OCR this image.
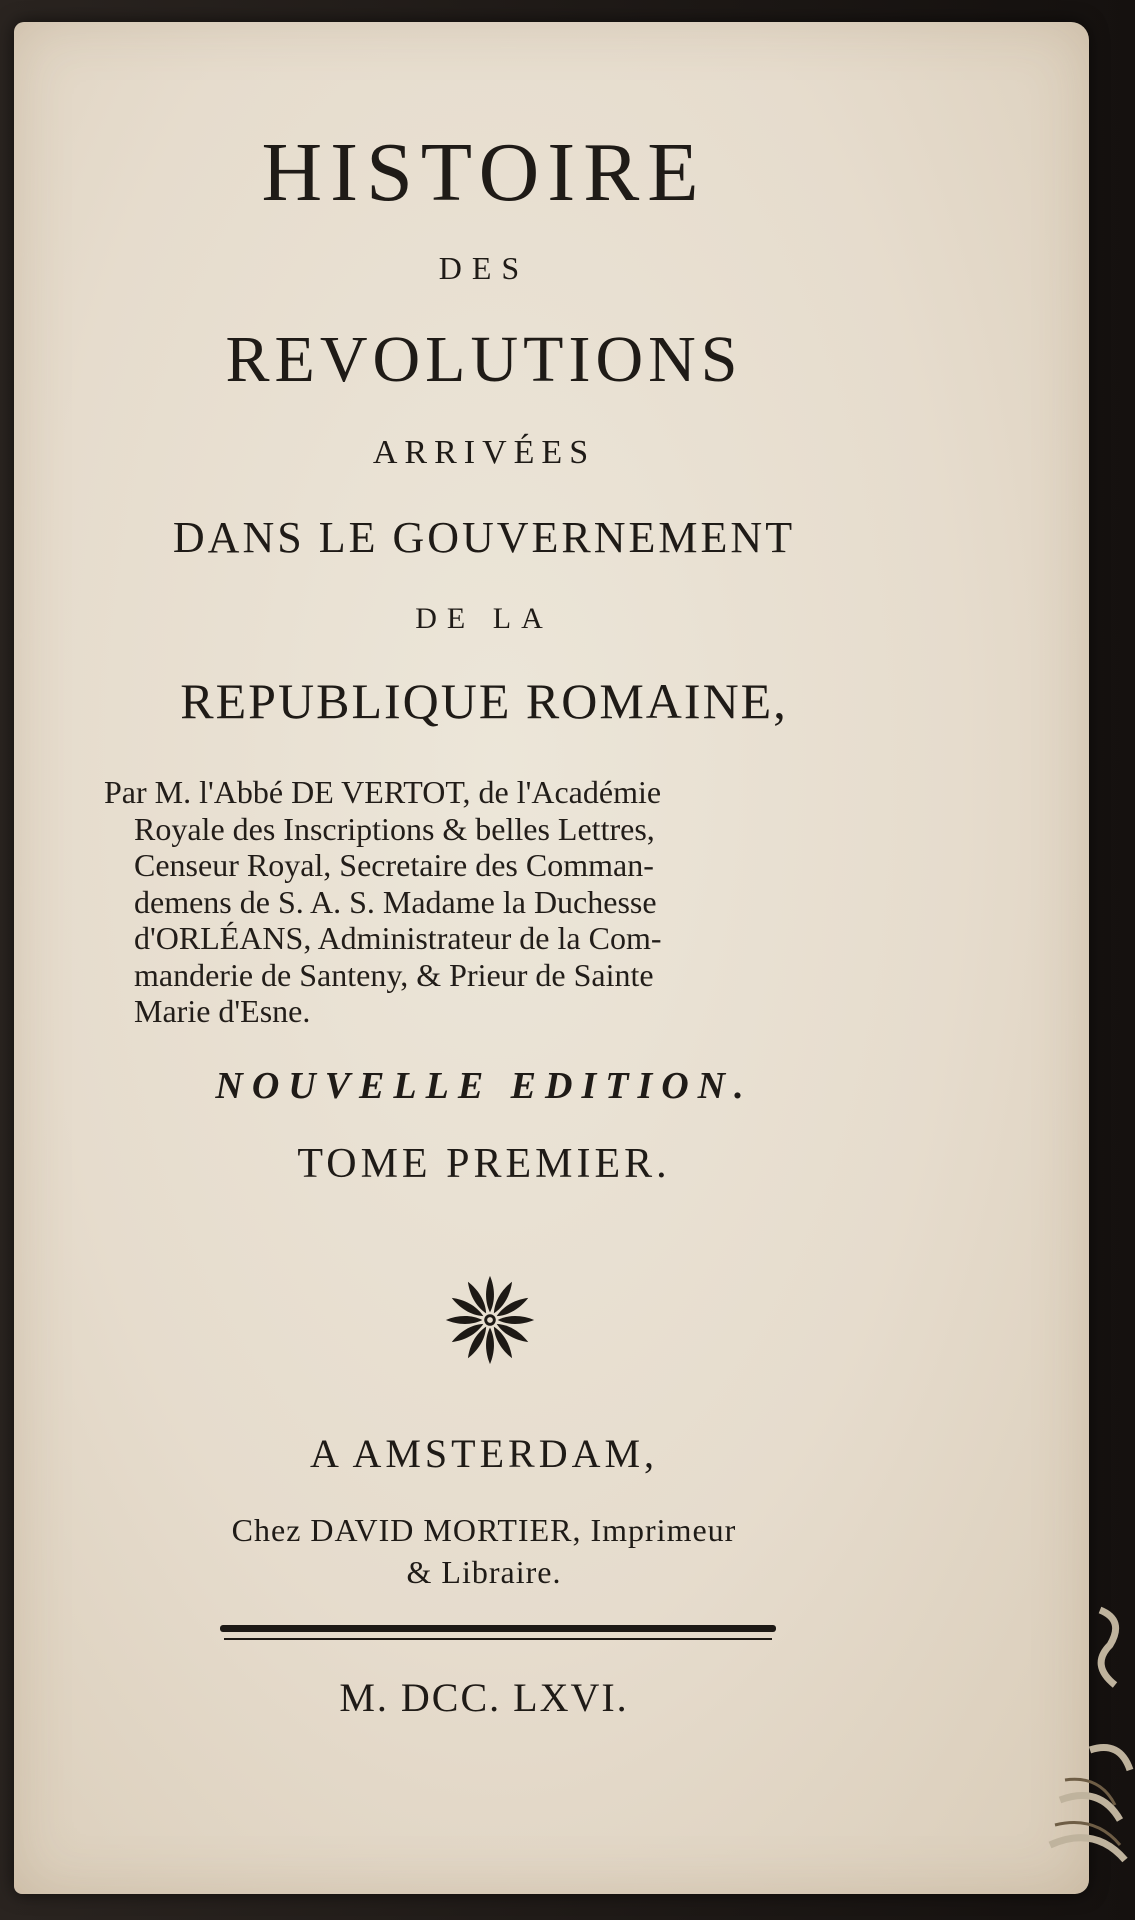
HISTOIRE
DES
REVOLUTIONS
ARRIVÉES
DANS LE GOUVERNEMENT
DE LA
REPUBLIQUE ROMAINE,
Par M. l'Abbé DE VERTOT, de l'Académie
Royale des Inscriptions & belles Lettres,
Censeur Royal, Secretaire des Comman-
demens de S. A. S. Madame la Duchesse
d'ORLÉANS, Administrateur de la Com-
manderie de Santeny, & Prieur de Sainte
Marie d'Esne.
NOUVELLE EDITION.
TOME PREMIER.
A AMSTERDAM,
Chez DAVID MORTIER, Imprimeur
& Libraire.
M. DCC. LXVI.
